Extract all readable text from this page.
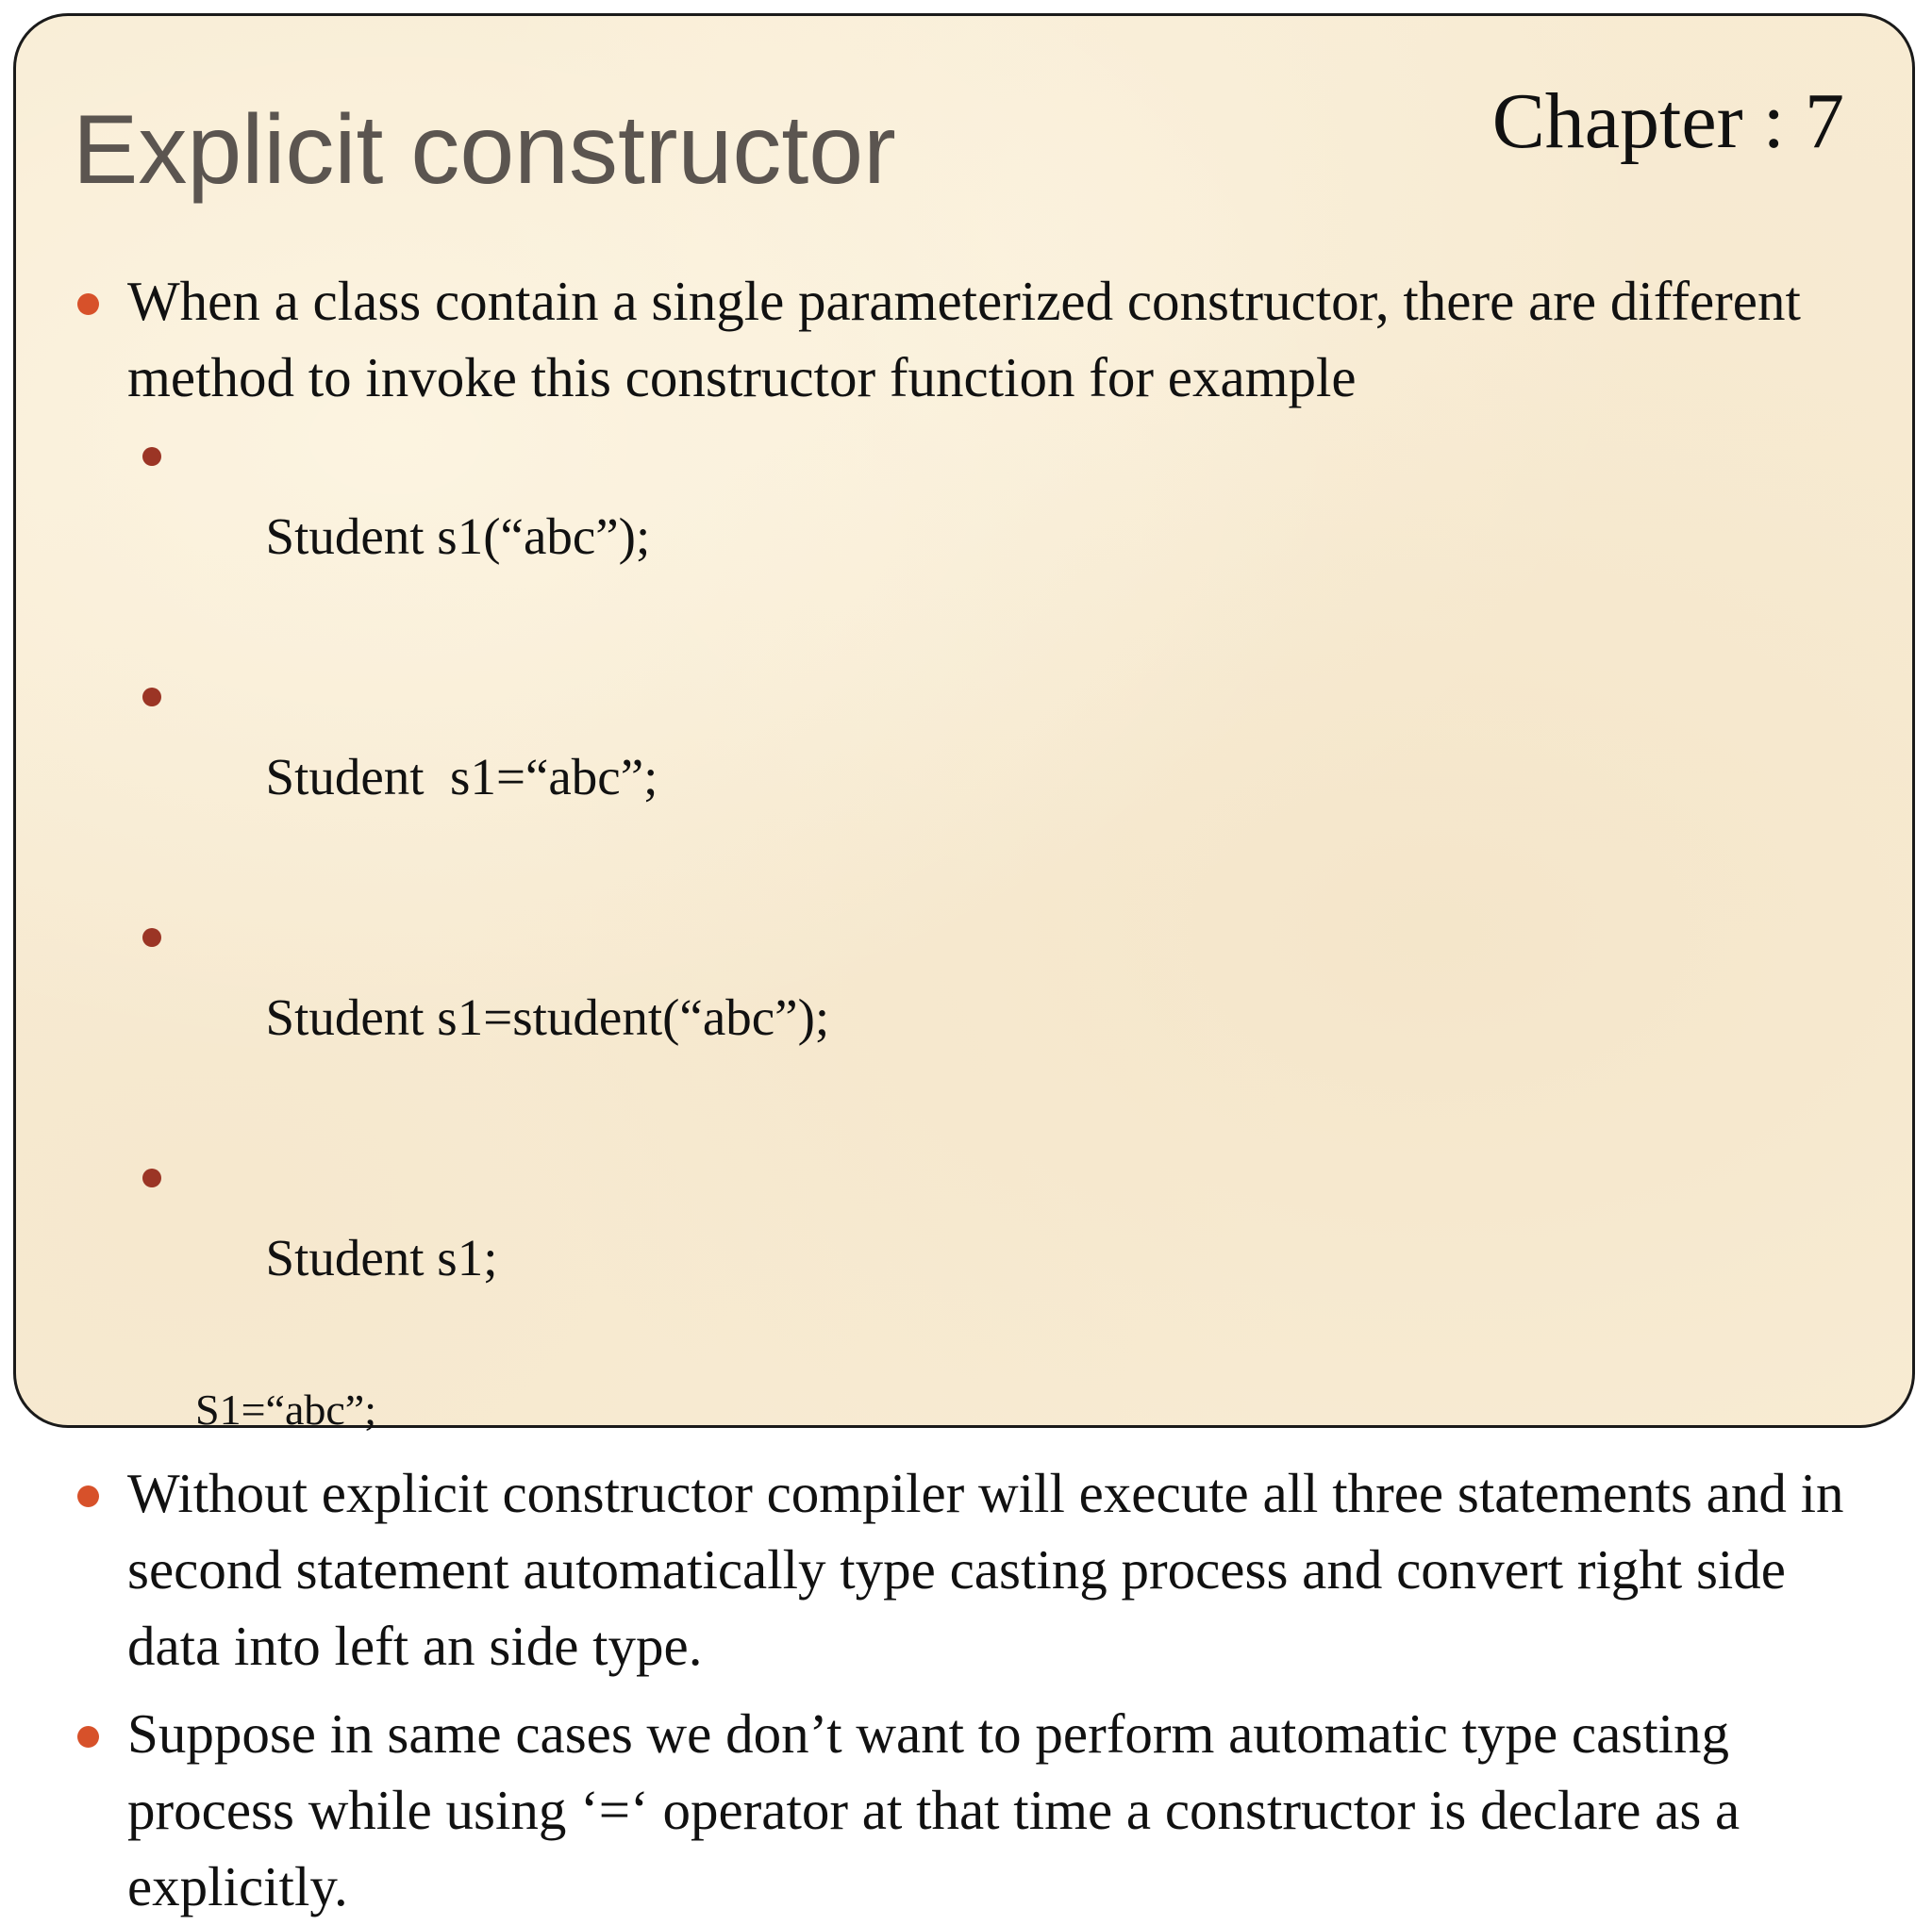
Explicit constructor	Chapter : 7

When a class contain a single parameterized constructor, there are different method to invoke this constructor function for example

Student s1(“abc”);

Student  s1=“abc”;

Student s1=student(“abc”);

Student s1;

S1=“abc”;

Without explicit constructor compiler will execute all three statements and in second statement automatically type casting process and convert right side data into left an side type.

Suppose in same cases we don’t want to perform automatic type casting process while using ‘=‘ operator at that time a constructor is declare as a explicitly.
